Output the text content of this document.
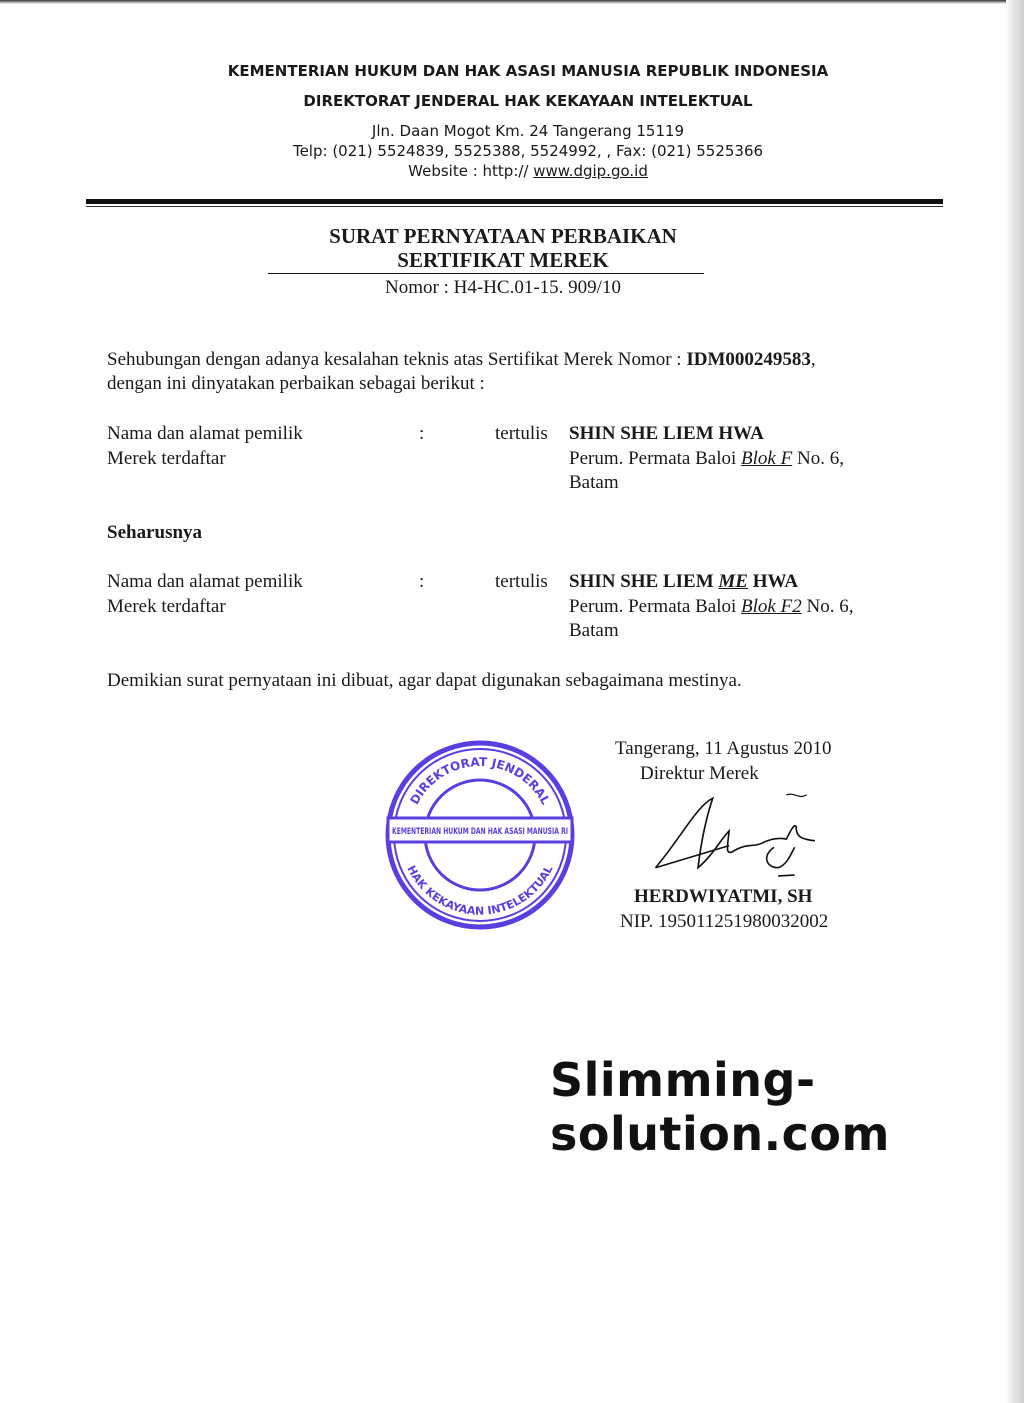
KEMENTERIAN HUKUM DAN HAK ASASI MANUSIA REPUBLIK INDONESIA
DIREKTORAT JENDERAL HAK KEKAYAAN INTELEKTUAL
Jln. Daan Mogot Km. 24 Tangerang 15119
Telp: (021) 5524839, 5525388, 5524992, , Fax: (021) 5525366
Website : http:// www.dgip.go.id
SURAT PERNYATAAN PERBAIKAN
SERTIFIKAT MEREK
Nomor : H4-HC.01-15. 909/10
Sehubungan dengan adanya kesalahan teknis atas Sertifikat Merek Nomor : IDM000249583,
dengan ini dinyatakan perbaikan sebagai berikut :
Nama dan alamat pemilik
Merek terdaftar
:	tertulis SHIN SHE LIEM HWA
Perum. Permata Baloi Blok F No. 6,
Batam
Seharusnya
Nama dan alamat pemilik
Merek terdaftar
:	tertulis SHIN SHE LIEM ME HWA
Perum. Permata Baloi Blok F2 No. 6,
Batam
Demikian surat pernyataan ini dibuat, agar dapat digunakan sebagaimana mestinya.
DIREKTORAT JENDERAL
KEMENTERIAN HUKUM DAN HAK ASASI MANUSIA RI
HAK KEKAYAAN INTELEKTUAL
Tangerang, 11 Agustus 2010
Direktur Merek
HERDWIYATMI, SH
NIP. 195011251980032002
Slimming-solution.com
